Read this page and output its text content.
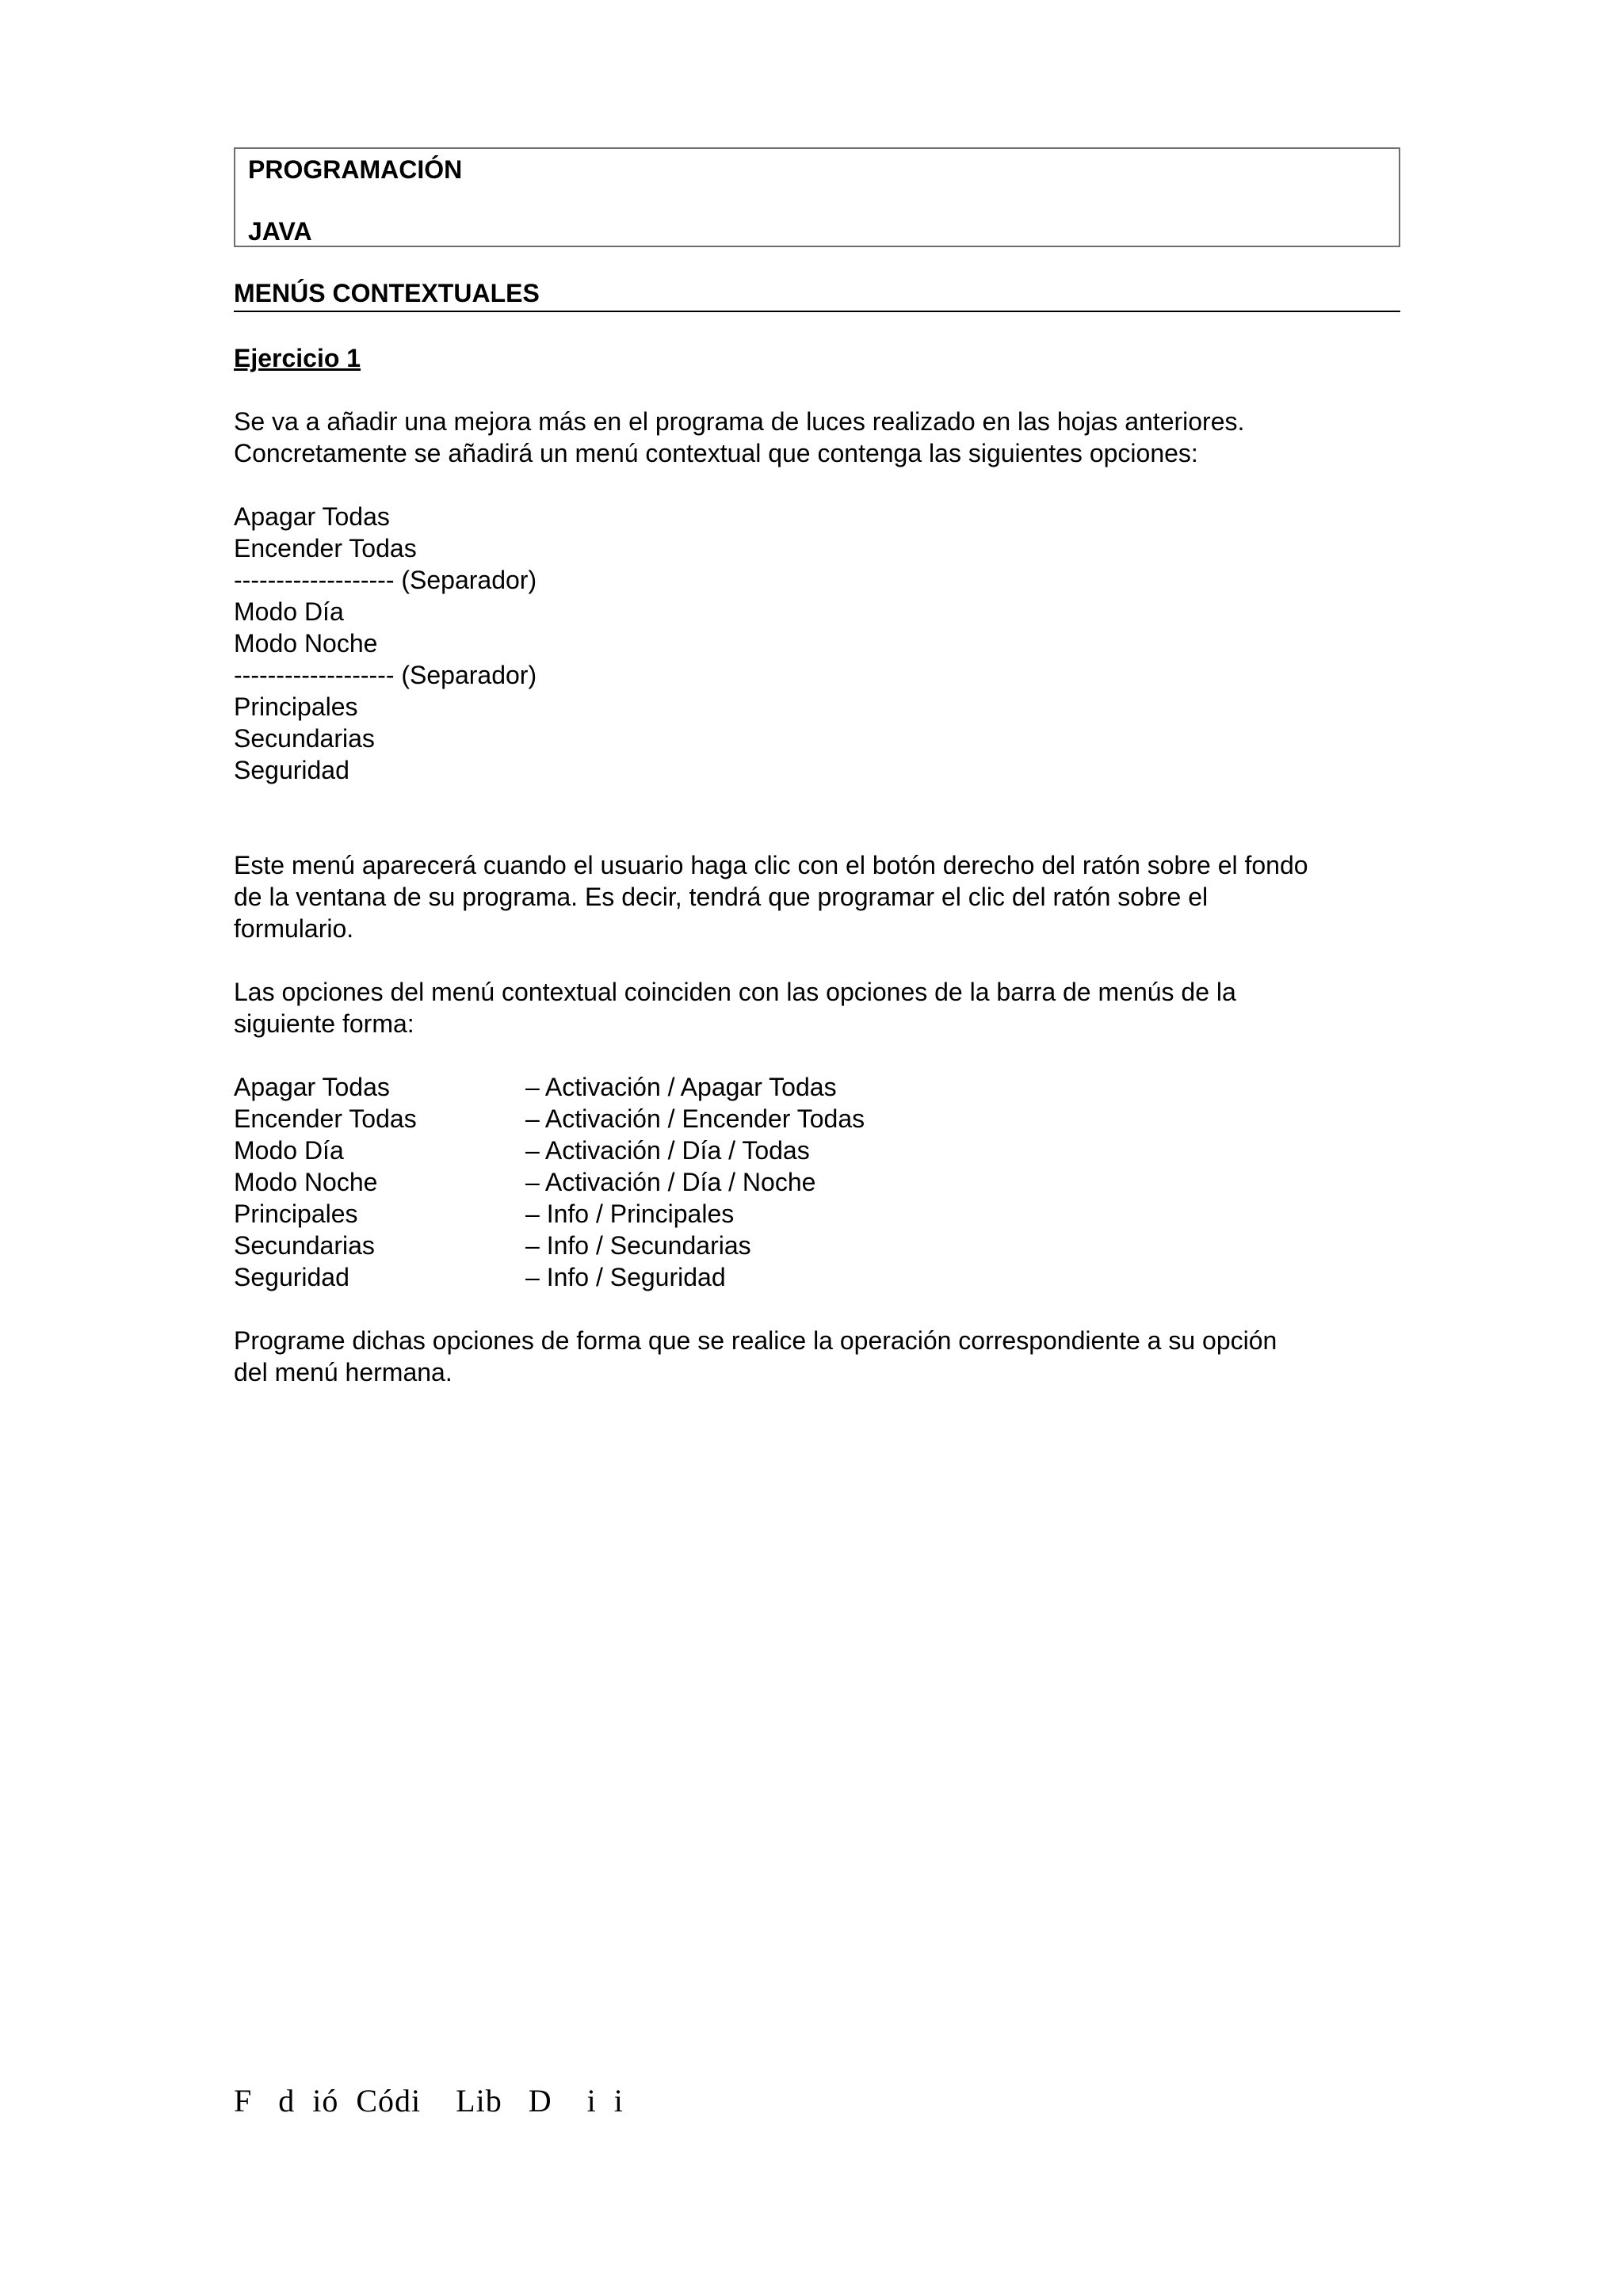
PROGRAMACIÓN

JAVA

MENÚS CONTEXTUALES
Ejercicio 1

Se va a añadir una mejora más en el programa de luces realizado en las hojas anteriores.

Concretamente se añadirá un menú contextual que contenga las siguientes opciones:

Apagar Todas
Encender Todas
------------------- (Separador)
Modo Día
Modo Noche
------------------- (Separador)
Principales
Secundarias
Seguridad

Este menú aparecerá cuando el usuario haga clic con el botón derecho del ratón sobre el fondo

de la ventana de su programa. Es decir, tendrá que programar el clic del ratón sobre el

formulario.

Las opciones del menú contextual coinciden con las opciones de la barra de menús de la

siguiente forma:

Apagar Todas	– Activación / Apagar Todas
Encender Todas	– Activación / Encender Todas
Modo Día	– Activación / Día / Todas
Modo Noche	– Activación / Día / Noche
Principales	– Info / Principales
Secundarias	– Info / Secundarias
Seguridad	– Info / Seguridad

Programe dichas opciones de forma que se realice la operación correspondiente a su opción

del menú hermana.

F   d  ió  Códi    Lib   D    i  i
